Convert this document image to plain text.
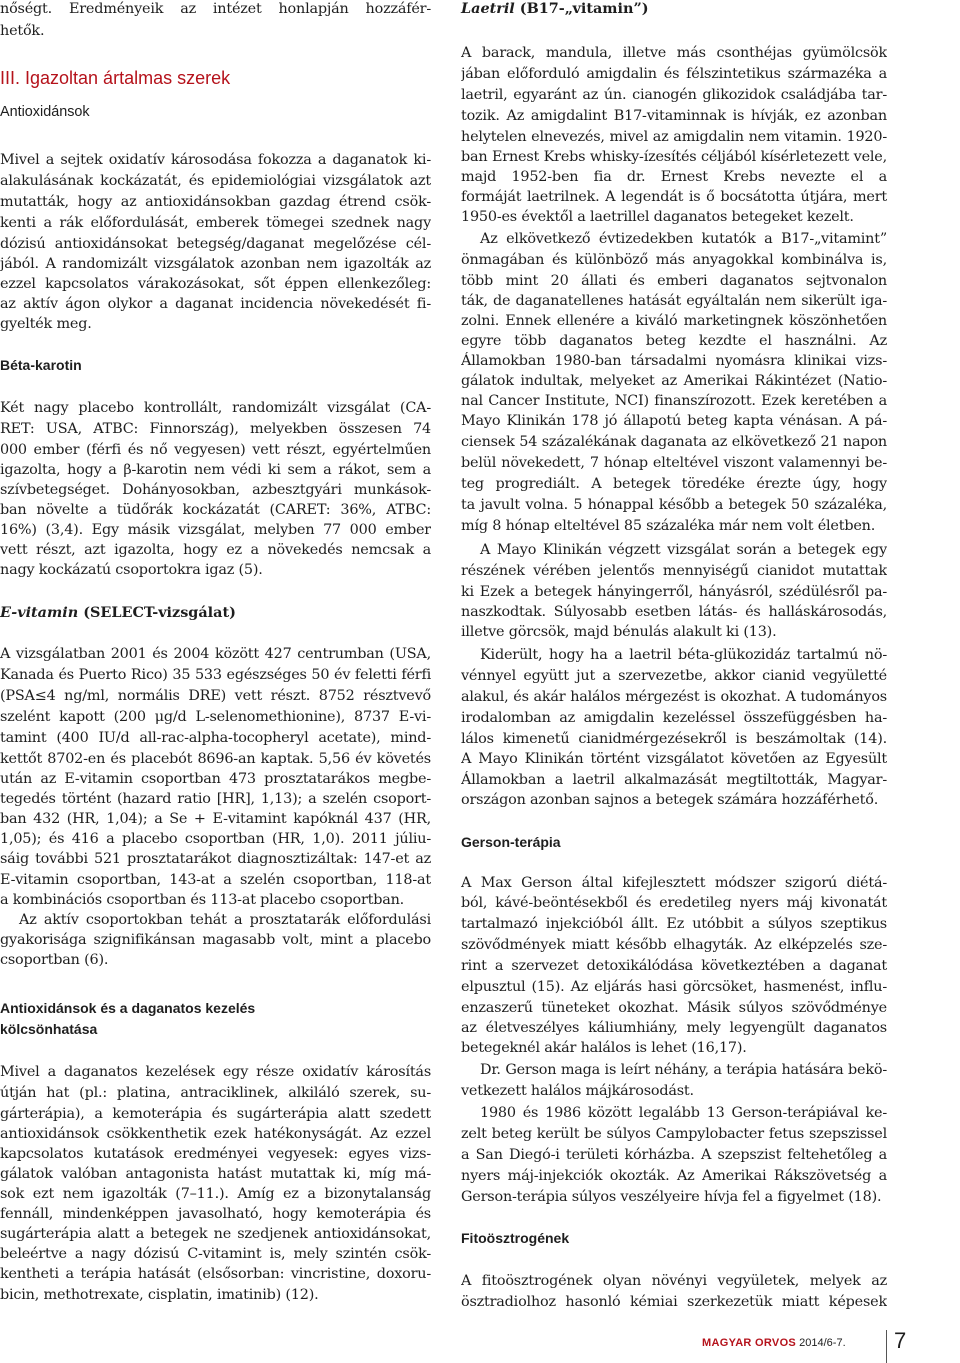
nőségt. Eredményeik az intézet honlapján hozzáfér-
hetők.
III. Igazoltan ártalmas szerek
Antioxidánsok
Mivel a sejtek oxidatív károsodása fokozza a daganatok ki-
alakulásának kockázatát, és epidemiológiai vizsgálatok azt
mutatták, hogy az antioxidánsokban gazdag étrend csök-
kenti a rák előfordulását, emberek tömegei szednek nagy
dózisú antioxidánsokat betegség/daganat megelőzése cél-
jából. A randomizált vizsgálatok azonban nem igazolták az
ezzel kapcsolatos várakozásokat, sőt éppen ellenkezőleg:
az aktív ágon olykor a daganat incidencia növekedését fi-
gyelték meg.
Béta-karotin
Két nagy placebo kontrollált, randomizált vizsgálat (CA-
RET: USA, ATBC: Finnország), melyekben összesen 74
000 ember (férfi és nő vegyesen) vett részt, egyértelműen
igazolta, hogy a β-karotin nem védi ki sem a rákot, sem a
szívbetegséget. Dohányosokban, azbesztgyári munkások-
ban növelte a tüdőrák kockázatát (CARET: 36%, ATBC:
16%) (3,4). Egy másik vizsgálat, melyben 77 000 ember
vett részt, azt igazolta, hogy ez a növekedés nemcsak a
nagy kockázatú csoportokra igaz (5).
E-vitamin (SELECT-vizsgálat)
A vizsgálatban 2001 és 2004 között 427 centrumban (USA,
Kanada és Puerto Rico) 35 533 egészséges 50 év feletti férfi
(PSA≤4 ng/ml, normális DRE) vett részt. 8752 résztvevő
szelént kapott (200 μg/d L-selenomethionine), 8737 E-vi-
tamint (400 IU/d all-rac-alpha-tocopheryl acetate), mind-
kettőt 8702-en és placebót 8696-an kaptak. 5,56 év követés
után az E-vitamin csoportban 473 prosztatarákos megbe-
tegedés történt (hazard ratio [HR], 1,13); a szelén csoport-
ban 432 (HR, 1,04); a Se + E-vitamint kapóknál 437 (HR,
1,05); és 416 a placebo csoportban (HR, 1,0). 2011 júliu-
sáig további 521 prosztatarákot diagnosztizáltak: 147-et az
E-vitamin csoportban, 143-at a szelén csoportban, 118-at
a kombinációs csoportban és 113-at placebo csoportban.
Az aktív csoportokban tehát a prosztatarák előfordulási
gyakorisága szignifikánsan magasabb volt, mint a placebo
csoportban (6).
Antioxidánsok és a daganatos kezelés
kölcsönhatása
Mivel a daganatos kezelések egy része oxidatív károsítás
útján hat (pl.: platina, antraciklinek, alkiláló szerek, su-
gárterápia), a kemoterápia és sugárterápia alatt szedett
antioxidánsok csökkenthetik ezek hatékonyságát. Az ezzel
kapcsolatos kutatások eredményei vegyesek: egyes vizs-
gálatok valóban antagonista hatást mutattak ki, míg má-
sok ezt nem igazolták (7–11.). Amíg ez a bizonytalanság
fennáll, mindenképpen javasolható, hogy kemoterápia és
sugárterápia alatt a betegek ne szedjenek antioxidánsokat,
beleértve a nagy dózisú C-vitamint is, mely szintén csök-
kentheti a terápia hatását (elsősorban: vincristine, doxoru-
bicin, methotrexate, cisplatin, imatinib) (12).
Laetril (B17-„vitamin”)
A barack, mandula, illetve más csonthéjas gyümölcsök
jában előforduló amigdalin és félszintetikus származéka a
laetril, egyaránt az ún. cianogén glikozidok családjába tar-
tozik. Az amigdalint B17-vitaminnak is hívják, ez azonban
helytelen elnevezés, mivel az amigdalin nem vitamin. 1920-
ban Ernest Krebs whisky-ízesítés céljából kísérletezett vele,
majd 1952-ben fia dr. Ernest Krebs nevezte el a
formáját laetrilnek. A legendát is ő bocsátotta útjára, mert
1950-es évektől a laetrillel daganatos betegeket kezelt.
Az elkövetkező évtizedekben kutatók a B17-„vitamint”
önmagában és különböző más anyagokkal kombinálva is,
több mint 20 állati és emberi daganatos sejtvonalon
ták, de daganatellenes hatását egyáltalán nem sikerült iga-
zolni. Ennek ellenére a kiváló marketingnek köszönhetően
egyre több daganatos beteg kezdte el használni. Az
Államokban 1980-ban társadalmi nyomásra klinikai vizs-
gálatok indultak, melyeket az Amerikai Rákintézet (Natio-
nal Cancer Institute, NCI) finanszírozott. Ezek keretében a
Mayo Klinikán 178 jó állapotú beteg kapta vénásan. A pá-
ciensek 54 százalékának daganata az elkövetkező 21 napon
belül növekedett, 7 hónap elteltével viszont valamennyi be-
teg progrediált. A betegek töredéke érezte úgy, hogy
ta javult volna. 5 hónappal később a betegek 50 százaléka,
míg 8 hónap elteltével 85 százaléka már nem volt életben.
A Mayo Klinikán végzett vizsgálat során a betegek egy
részének vérében jelentős mennyiségű cianidot mutattak
ki Ezek a betegek hányingerről, hányásról, szédülésről pa-
naszkodtak. Súlyosabb esetben látás- és halláskárosodás,
illetve görcsök, majd bénulás alakult ki (13).
Kiderült, hogy ha a laetril béta-glükozidáz tartalmú nö-
vénnyel együtt jut a szervezetbe, akkor cianid vegyületté
alakul, és akár halálos mérgezést is okozhat. A tudományos
irodalomban az amigdalin kezeléssel összefüggésben ha-
lálos kimenetű cianidmérgezésekről is beszámoltak (14).
A Mayo Klinikán történt vizsgálatot követően az Egyesült
Államokban a laetril alkalmazását megtiltották, Magyar-
országon azonban sajnos a betegek számára hozzáférhető.
Gerson-terápia
A Max Gerson által kifejlesztett módszer szigorú diétá-
ból, kávé-beöntésekből és eredetileg nyers máj kivonatát
tartalmazó injekcióból állt. Ez utóbbit a súlyos szeptikus
szövődmények miatt később elhagyták. Az elképzelés sze-
rint a szervezet detoxikálódása következtében a daganat
elpusztul (15). Az eljárás hasi görcsöket, hasmenést, influ-
enzaszerű tüneteket okozhat. Másik súlyos szövődménye
az életveszélyes káliumhiány, mely legyengült daganatos
betegeknél akár halálos is lehet (16,17).
Dr. Gerson maga is leírt néhány, a terápia hatására bekö-
vetkezett halálos májkárosodást.
1980 és 1986 között legalább 13 Gerson-terápiával ke-
zelt beteg került be súlyos Campylobacter fetus szepszissel
a San Diegó-i területi kórházba. A szepszist feltehetőleg a
nyers máj-injekciók okozták. Az Amerikai Rákszövetség a
Gerson-terápia súlyos veszélyeire hívja fel a figyelmet (18).
Fitoösztrogének
A fitoösztrogének olyan növényi vegyületek, melyek az
ösztradiolhoz hasonló kémiai szerkezetük miatt képesek
MAGYAR ORVOS 2014/6-7. 7
